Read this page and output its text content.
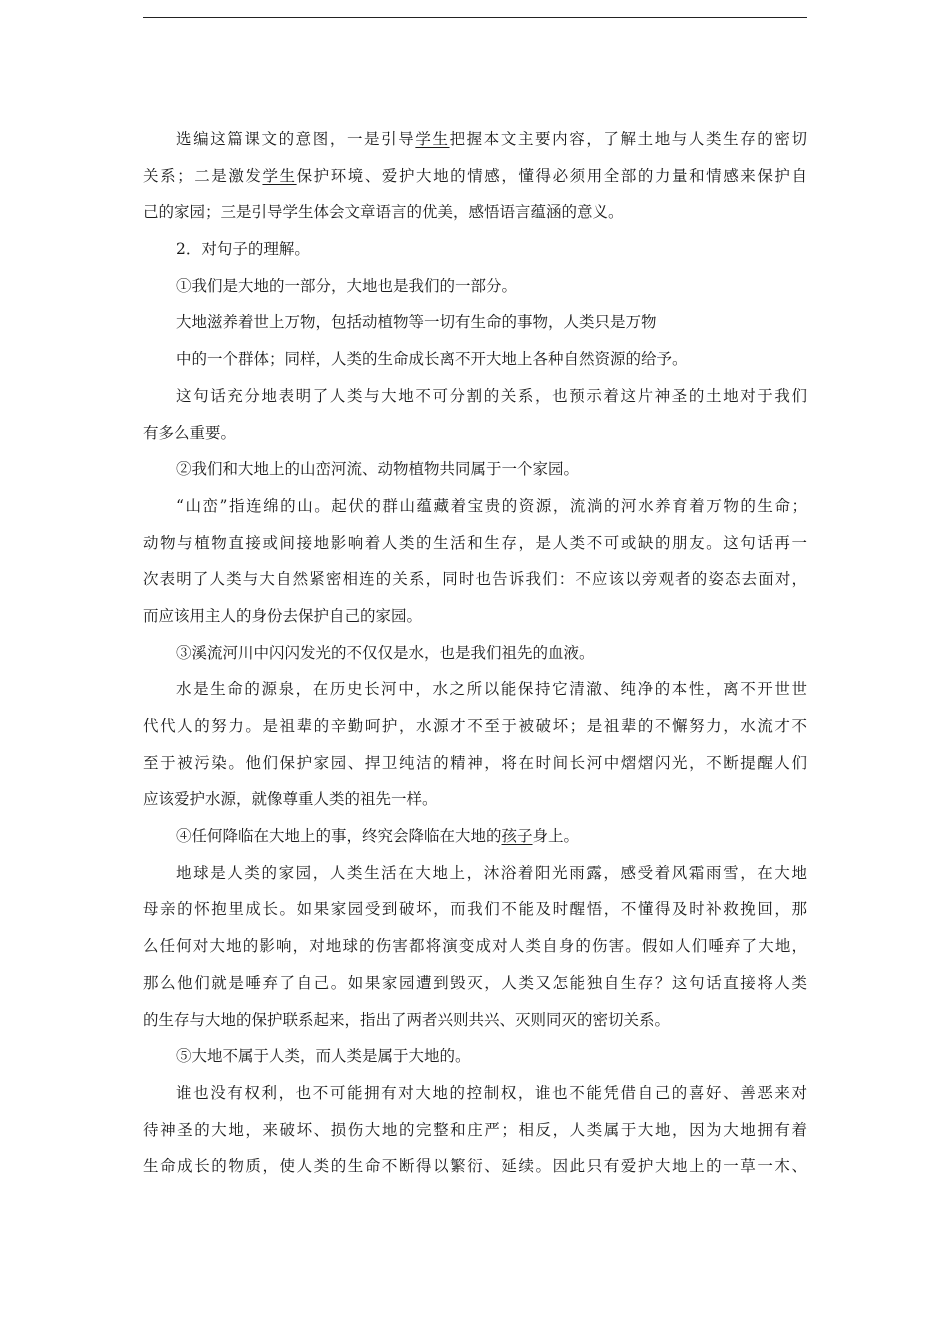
选编这篇课文的意图，一是引导学生把握本文主要内容，了解土地与人类生存的密切
关系；二是激发学生保护环境、爱护大地的情感，懂得必须用全部的力量和情感来保护自
己的家园；三是引导学生体会文章语言的优美，感悟语言蕴涵的意义。
2．对句子的理解。
①我们是大地的一部分，大地也是我们的一部分。
大地滋养着世上万物，包括动植物等一切有生命的事物，人类只是万物
中的一个群体；同样，人类的生命成长离不开大地上各种自然资源的给予。
这句话充分地表明了人类与大地不可分割的关系，也预示着这片神圣的土地对于我们
有多么重要。
②我们和大地上的山峦河流、动物植物共同属于一个家园。
“山峦”指连绵的山。起伏的群山蕴藏着宝贵的资源，流淌的河水养育着万物的生命；
动物与植物直接或间接地影响着人类的生活和生存，是人类不可或缺的朋友。这句话再一
次表明了人类与大自然紧密相连的关系，同时也告诉我们：不应该以旁观者的姿态去面对，
而应该用主人的身份去保护自己的家园。
③溪流河川中闪闪发光的不仅仅是水，也是我们祖先的血液。
水是生命的源泉，在历史长河中，水之所以能保持它清澈、纯净的本性，离不开世世
代代人的努力。是祖辈的辛勤呵护，水源才不至于被破坏；是祖辈的不懈努力，水流才不
至于被污染。他们保护家园、捍卫纯洁的精神，将在时间长河中熠熠闪光，不断提醒人们
应该爱护水源，就像尊重人类的祖先一样。
④任何降临在大地上的事，终究会降临在大地的孩子身上。
地球是人类的家园，人类生活在大地上，沐浴着阳光雨露，感受着风霜雨雪，在大地
母亲的怀抱里成长。如果家园受到破坏，而我们不能及时醒悟，不懂得及时补救挽回，那
么任何对大地的影响，对地球的伤害都将演变成对人类自身的伤害。假如人们唾弃了大地，
那么他们就是唾弃了自己。如果家园遭到毁灭，人类又怎能独自生存？这句话直接将人类
的生存与大地的保护联系起来，指出了两者兴则共兴、灭则同灭的密切关系。
⑤大地不属于人类，而人类是属于大地的。
谁也没有权利，也不可能拥有对大地的控制权，谁也不能凭借自己的喜好、善恶来对
待神圣的大地，来破坏、损伤大地的完整和庄严；相反，人类属于大地，因为大地拥有着
生命成长的物质，使人类的生命不断得以繁衍、延续。因此只有爱护大地上的一草一木、
